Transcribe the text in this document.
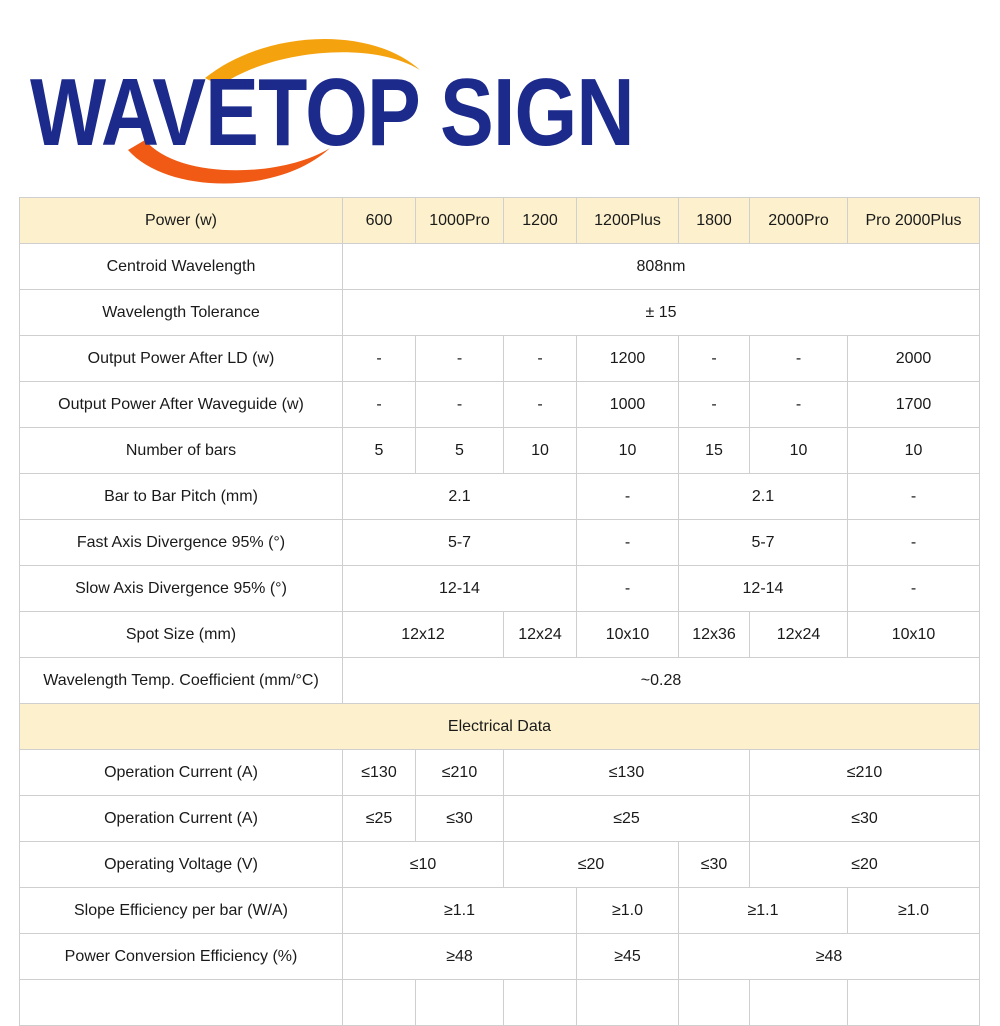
WAVETOP SIGN
Power (w)	600	1000Pro	1200	1200Plus	1800	2000Pro	Pro 2000Plus
Centroid Wavelength	808nm						
Wavelength Tolerance	± 15						
Output Power After LD (w)	-	-	-	1200	-	-	2000
Output Power After Waveguide (w)	-	-	-	1000	-	-	1700
Number of bars	5	5	10	10	15	10	10
Bar to Bar Pitch (mm)	2.1			-	2.1		-
Fast Axis Divergence 95% (°)	5-7			-	5-7		-
Slow Axis Divergence 95% (°)	12-14			-	12-14		-
Spot Size (mm)	12x12		12x24	10x10	12x36	12x24	10x10
Wavelength Temp. Coefficient (mm/°C)	~0.28						
Electrical Data							
Operation Current (A)	≤130	≤210	≤130			≤210	
Operation Current (A)	≤25	≤30	≤25			≤30	
Operating Voltage (V)	≤10		≤20		≤30	≤20	
Slope Efficiency per bar (W/A)	≥1.1			≥1.0	≥1.1		≥1.0
Power Conversion Efficiency (%)	≥48			≥45	≥48		
